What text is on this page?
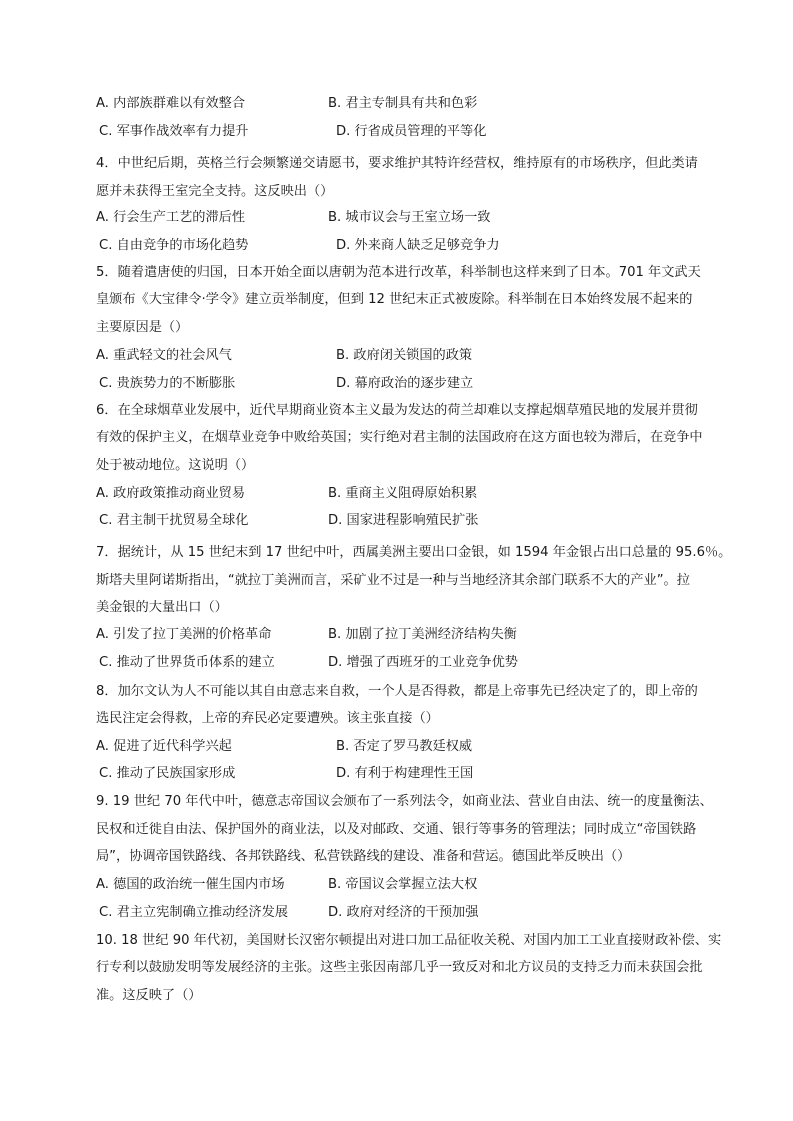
A. 内部族群难以有效整合	B. 君主专制具有共和色彩
C. 军事作战效率有力提升	D. 行省成员管理的平等化
4．中世纪后期，英格兰行会频繁递交请愿书，要求维护其特许经营权，维持原有的市场秩序，但此类请
愿并未获得王室完全支持。这反映出（）
A. 行会生产工艺的滞后性	B. 城市议会与王室立场一致
C. 自由竞争的市场化趋势	D. 外来商人缺乏足够竞争力
5．随着遣唐使的归国，日本开始全面以唐朝为范本进行改革，科举制也这样来到了日本。701 年文武天
皇颁布《大宝律令·学令》建立贡举制度，但到 12 世纪末正式被废除。科举制在日本始终发展不起来的
主要原因是（）
A. 重武轻文的社会风气	B. 政府闭关锁国的政策
C. 贵族势力的不断膨胀	D. 幕府政治的逐步建立
6．在全球烟草业发展中，近代早期商业资本主义最为发达的荷兰却难以支撑起烟草殖民地的发展并贯彻
有效的保护主义，在烟草业竞争中败给英国；实行绝对君主制的法国政府在这方面也较为滞后，在竞争中
处于被动地位。这说明（）
A. 政府政策推动商业贸易	B. 重商主义阻碍原始积累
C. 君主制干扰贸易全球化	D. 国家进程影响殖民扩张
7．据统计，从 15 世纪末到 17 世纪中叶，西属美洲主要出口金银，如 1594 年金银占出口总量的 95.6％。
斯塔夫里阿诺斯指出，“就拉丁美洲而言，采矿业不过是一种与当地经济其余部门联系不大的产业”。拉
美金银的大量出口（）
A. 引发了拉丁美洲的价格革命	B. 加剧了拉丁美洲经济结构失衡
C. 推动了世界货币体系的建立	D. 增强了西班牙的工业竞争优势
8．加尔文认为人不可能以其自由意志来自救，一个人是否得救，都是上帝事先已经决定了的，即上帝的
选民注定会得救，上帝的弃民必定要遭殃。该主张直接（）
A. 促进了近代科学兴起	B. 否定了罗马教廷权威
C. 推动了民族国家形成	D. 有利于构建理性王国
9. 19 世纪 70 年代中叶，德意志帝国议会颁布了一系列法令，如商业法、营业自由法、统一的度量衡法、
民权和迁徙自由法、保护国外的商业法，以及对邮政、交通、银行等事务的管理法；同时成立“帝国铁路
局”，协调帝国铁路线、各邦铁路线、私营铁路线的建设、准备和营运。德国此举反映出（）
A. 德国的政治统一催生国内市场	B. 帝国议会掌握立法大权
C. 君主立宪制确立推动经济发展	D. 政府对经济的干预加强
10. 18 世纪 90 年代初，美国财长汉密尔顿提出对进口加工品征收关税、对国内加工工业直接财政补偿、实
行专利以鼓励发明等发展经济的主张。这些主张因南部几乎一致反对和北方议员的支持乏力而未获国会批
准。这反映了（）
